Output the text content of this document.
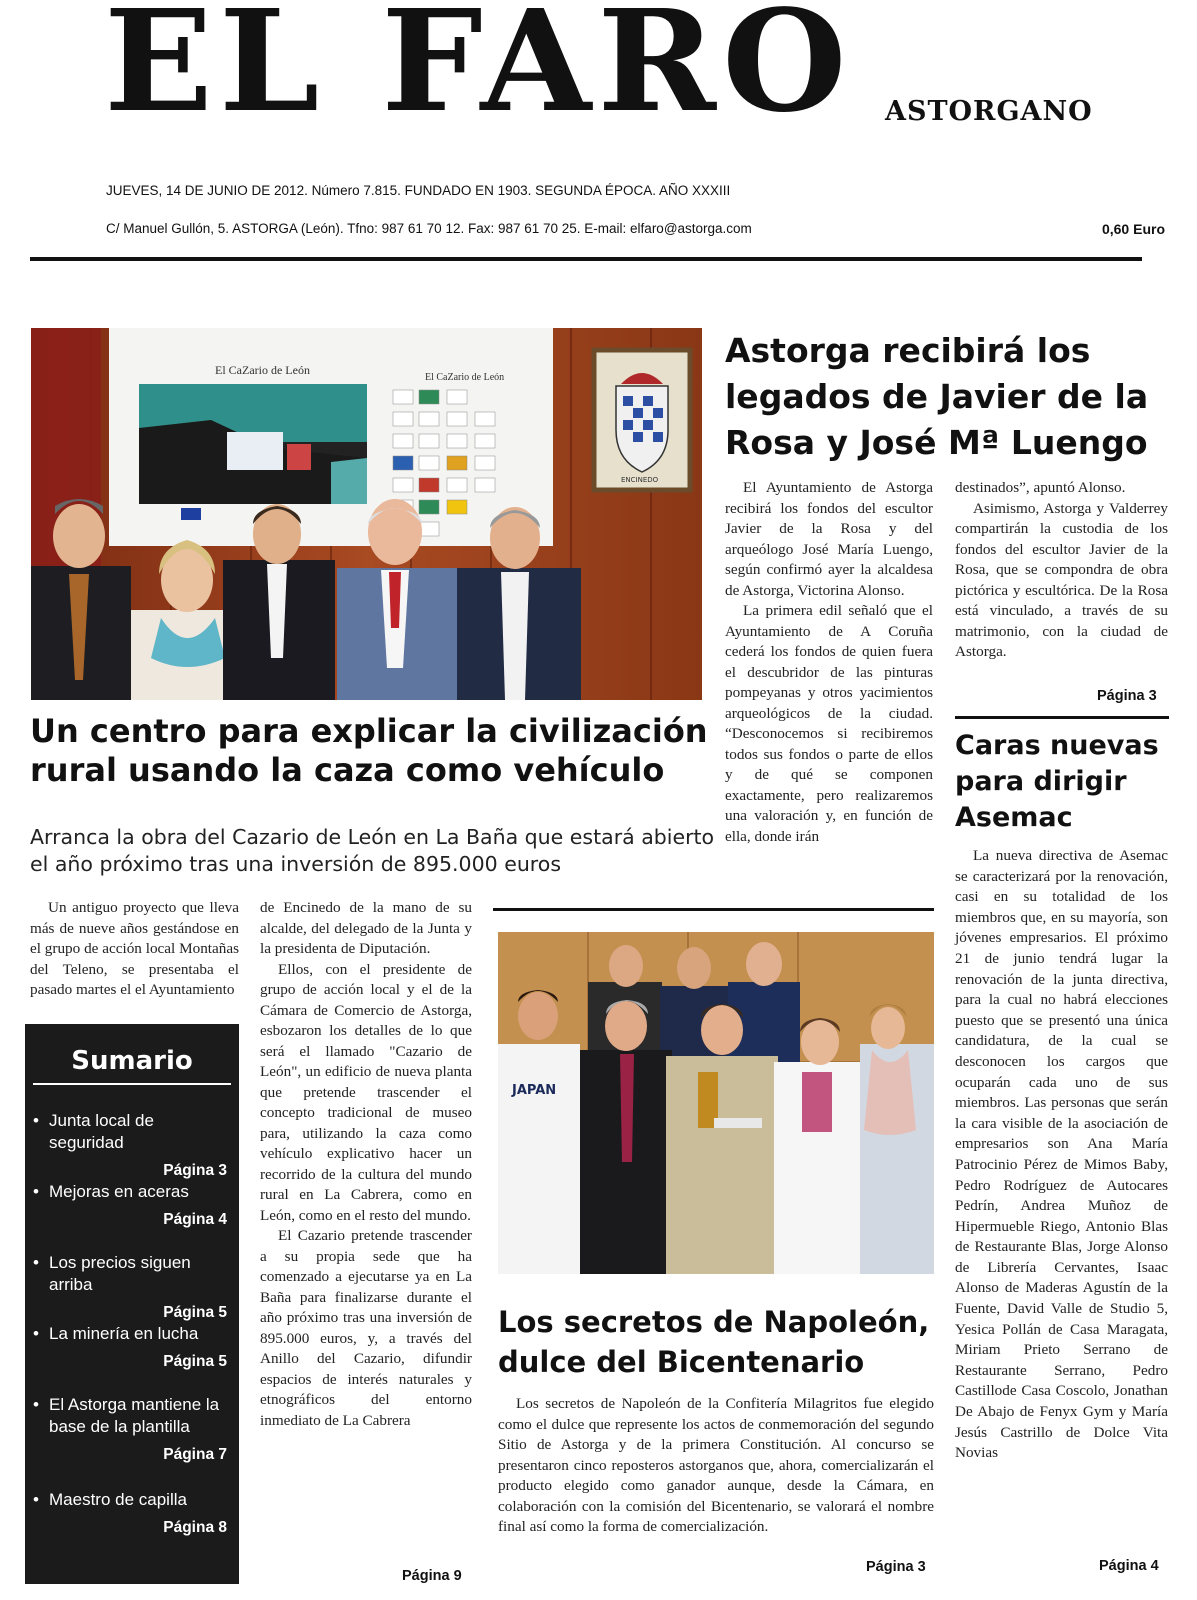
EL FARO ASTORGANO
JUEVES, 14 DE JUNIO DE 2012. Número 7.815. FUNDADO EN 1903. SEGUNDA ÉPOCA. AÑO XXXIII
C/ Manuel Gullón, 5. ASTORGA (León). Tfno: 987 61 70 12. Fax: 987 61 70 25. E-mail: elfaro@astorga.com	0,60 Euro
El CaZario de León
El CaZario de León
ENCINEDO
Un centro para explicar la civilización rural usando la caza como vehículo
Arranca la obra del Cazario de León en La Baña que estará abierto el año próximo tras una inversión de 895.000 euros

Un antiguo proyecto que lleva más de nueve años gestándose en el grupo de acción local Montañas del Teleno, se presentaba el pasado martes el el Ayuntamiento

de Encinedo de la mano de su alcalde, del delegado de la Junta y la presidenta de Diputación.

Ellos, con el presidente de grupo de acción local y el de la Cámara de Comercio de Astorga, esbozaron los detalles de lo que será el llamado "Cazario de León", un edificio de nueva planta que pretende trascender el concepto tradicional de museo para, utilizando la caza como vehículo explicativo hacer un recorrido de la cultura del mundo rural en La Cabrera, como en León, como en el resto del mundo.

El Cazario pretende trascender a su propia sede que ha comenzado a ejecutarse ya en La Baña para finalizarse durante el año próximo tras una inversión de 895.000 euros, y, a través del Anillo del Cazario, difundir espacios de interés naturales y etnográficos del entorno inmediato de La Cabrera

Página 9
Sumario
• Junta local de seguridad
Página 3
• Mejoras en aceras
Página 4
• Los precios siguen arriba
Página 5
• La minería en lucha
Página 5
• El Astorga mantiene la base de la plantilla
Página 7
• Maestro de capilla
Página 8
Astorga recibirá los legados de Javier de la Rosa y José Mª Luengo

El Ayuntamiento de Astorga recibirá los fondos del escultor Javier de la Rosa y del arqueólogo José María Luengo, según confirmó ayer la alcaldesa de Astorga, Victorina Alonso.

La primera edil señaló que el Ayuntamiento de A Coruña cederá los fondos de quien fuera el descubridor de las pinturas pompeyanas y otros yacimientos arqueológicos de la ciudad. “Desconocemos si recibiremos todos sus fondos o parte de ellos y de qué se componen exactamente, pero realizaremos una valoración y, en función de ella, donde irán

destinados”, apuntó Alonso.

Asimismo, Astorga y Valderrey compartirán la custodia de los fondos del escultor Javier de la Rosa, que se compondra de obra pictórica y escultórica. De la Rosa está vinculado, a través de su matrimonio, con la ciudad de Astorga.

Página 3
Caras nuevas para dirigir Asemac

La nueva directiva de Asemac se caracterizará por la renovación, casi en su totalidad de los miembros que, en su mayoría, son jóvenes empresarios. El próximo 21 de junio tendrá lugar la renovación de la junta directiva, para la cual no habrá elecciones puesto que se presentó una única candidatura, de la cual se desconocen los cargos que ocuparán cada uno de sus miembros. Las personas que serán la cara visible de la asociación de empresarios son Ana María Patrocinio Pérez de Mimos Baby, Pedro Rodríguez de Autocares Pedrín, Andrea Muñoz de Hipermueble Riego, Antonio Blas de Restaurante Blas, Jorge Alonso de Librería Cervantes, Isaac Alonso de Maderas Agustín de la Fuente, David Valle de Studio 5, Yesica Pollán de Casa Maragata, Miriam Prieto Serrano de Restaurante Serrano, Pedro Castillode Casa Coscolo, Jonathan De Abajo de Fenyx Gym y María Jesús Castrillo de Dolce Vita Novias

Página 4
JAPAN
Los secretos de Napoleón, dulce del Bicentenario

Los secretos de Napoleón de la Confitería Milagritos fue elegido como el dulce que represente los actos de conmemoración del segundo Sitio de Astorga y de la primera Constitución. Al concurso se presentaron cinco reposteros astorganos que, ahora, comercializarán el producto elegido como ganador aunque, desde la Cámara, en colaboración con la comisión del Bicentenario, se valorará el nombre final así como la forma de comercialización.

Página 3
